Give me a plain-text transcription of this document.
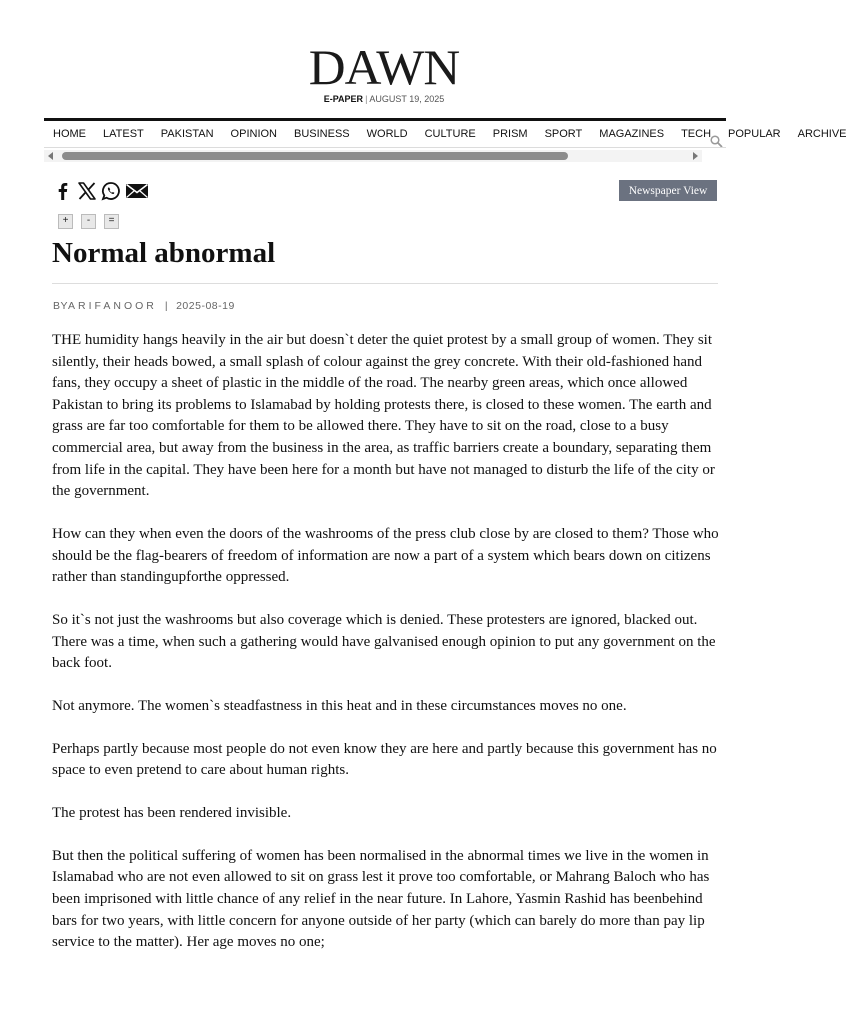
DAWN
E-PAPER | AUGUST 19, 2025
HOME	LATEST	PAKISTAN	OPINION	BUSINESS	WORLD	CULTURE	PRISM	SPORT	MAGAZINES	TECH	POPULAR	ARCHIVE
Newspaper View
+	-	=
Normal abnormal
BYARIFANOOR | 2025-08-19

THE humidity hangs heavily in the air but doesn`t deter the quiet protest by a small group of women. They sit silently, their heads bowed, a small splash of colour against the grey concrete. With their old-fashioned hand fans, they occupy a sheet of plastic in the middle of the road. The nearby green areas, which once allowed Pakistan to bring its problems to Islamabad by holding protests there, is closed to these women. The earth and grass are far too comfortable for them to be allowed there. They have to sit on the road, close to a busy commercial area, but away from the business in the area, as traffic barriers create a boundary, separating them from life in the capital. They have been here for a month but have not managed to disturb the life of the city or the government.

How can they when even the doors of the washrooms of the press club close by are closed to them? Those who should be the flag-bearers of freedom of information are now a part of a system which bears down on citizens rather than standingupforthe oppressed.

So it`s not just the washrooms but also coverage which is denied. These protesters are ignored, blacked out. There was a time, when such a gathering would have galvanised enough opinion to put any government on the back foot.

Not anymore. The women`s steadfastness in this heat and in these circumstances moves no one.

Perhaps partly because most people do not even know they are here and partly because this government has no space to even pretend to care about human rights.

The protest has been rendered invisible.

But then the political suffering of women has been normalised in the abnormal times we live in the women in Islamabad who are not even allowed to sit on grass lest it prove too comfortable, or Mahrang Baloch who has been imprisoned with little chance of any relief in the near future. In Lahore, Yasmin Rashid has beenbehind bars for two years, with little concern for anyone outside of her party (which can barely do more than pay lip service to the matter). Her age moves no one;
